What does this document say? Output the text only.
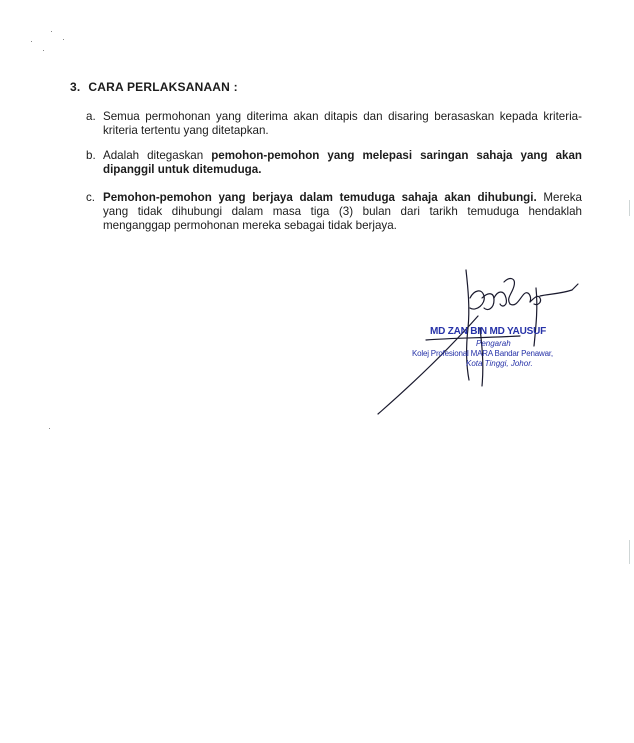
3. CARA PERLAKSANAAN :
a. Semua permohonan yang diterima akan ditapis dan disaring berasaskan kepada kriteria-kriteria tertentu yang ditetapkan.
b. Adalah ditegaskan pemohon-pemohon yang melepasi saringan sahaja yang akan dipanggil untuk ditemuduga.
c. Pemohon-pemohon yang berjaya dalam temuduga sahaja akan dihubungi. Mereka yang tidak dihubungi dalam masa tiga (3) bulan dari tarikh temuduga hendaklah menganggap permohonan mereka sebagai tidak berjaya.
MD ZAN BIN MD YAUSUF
Pengarah
Kolej Profesional MARA Bandar Penawar,
Kota Tinggi, Johor.
